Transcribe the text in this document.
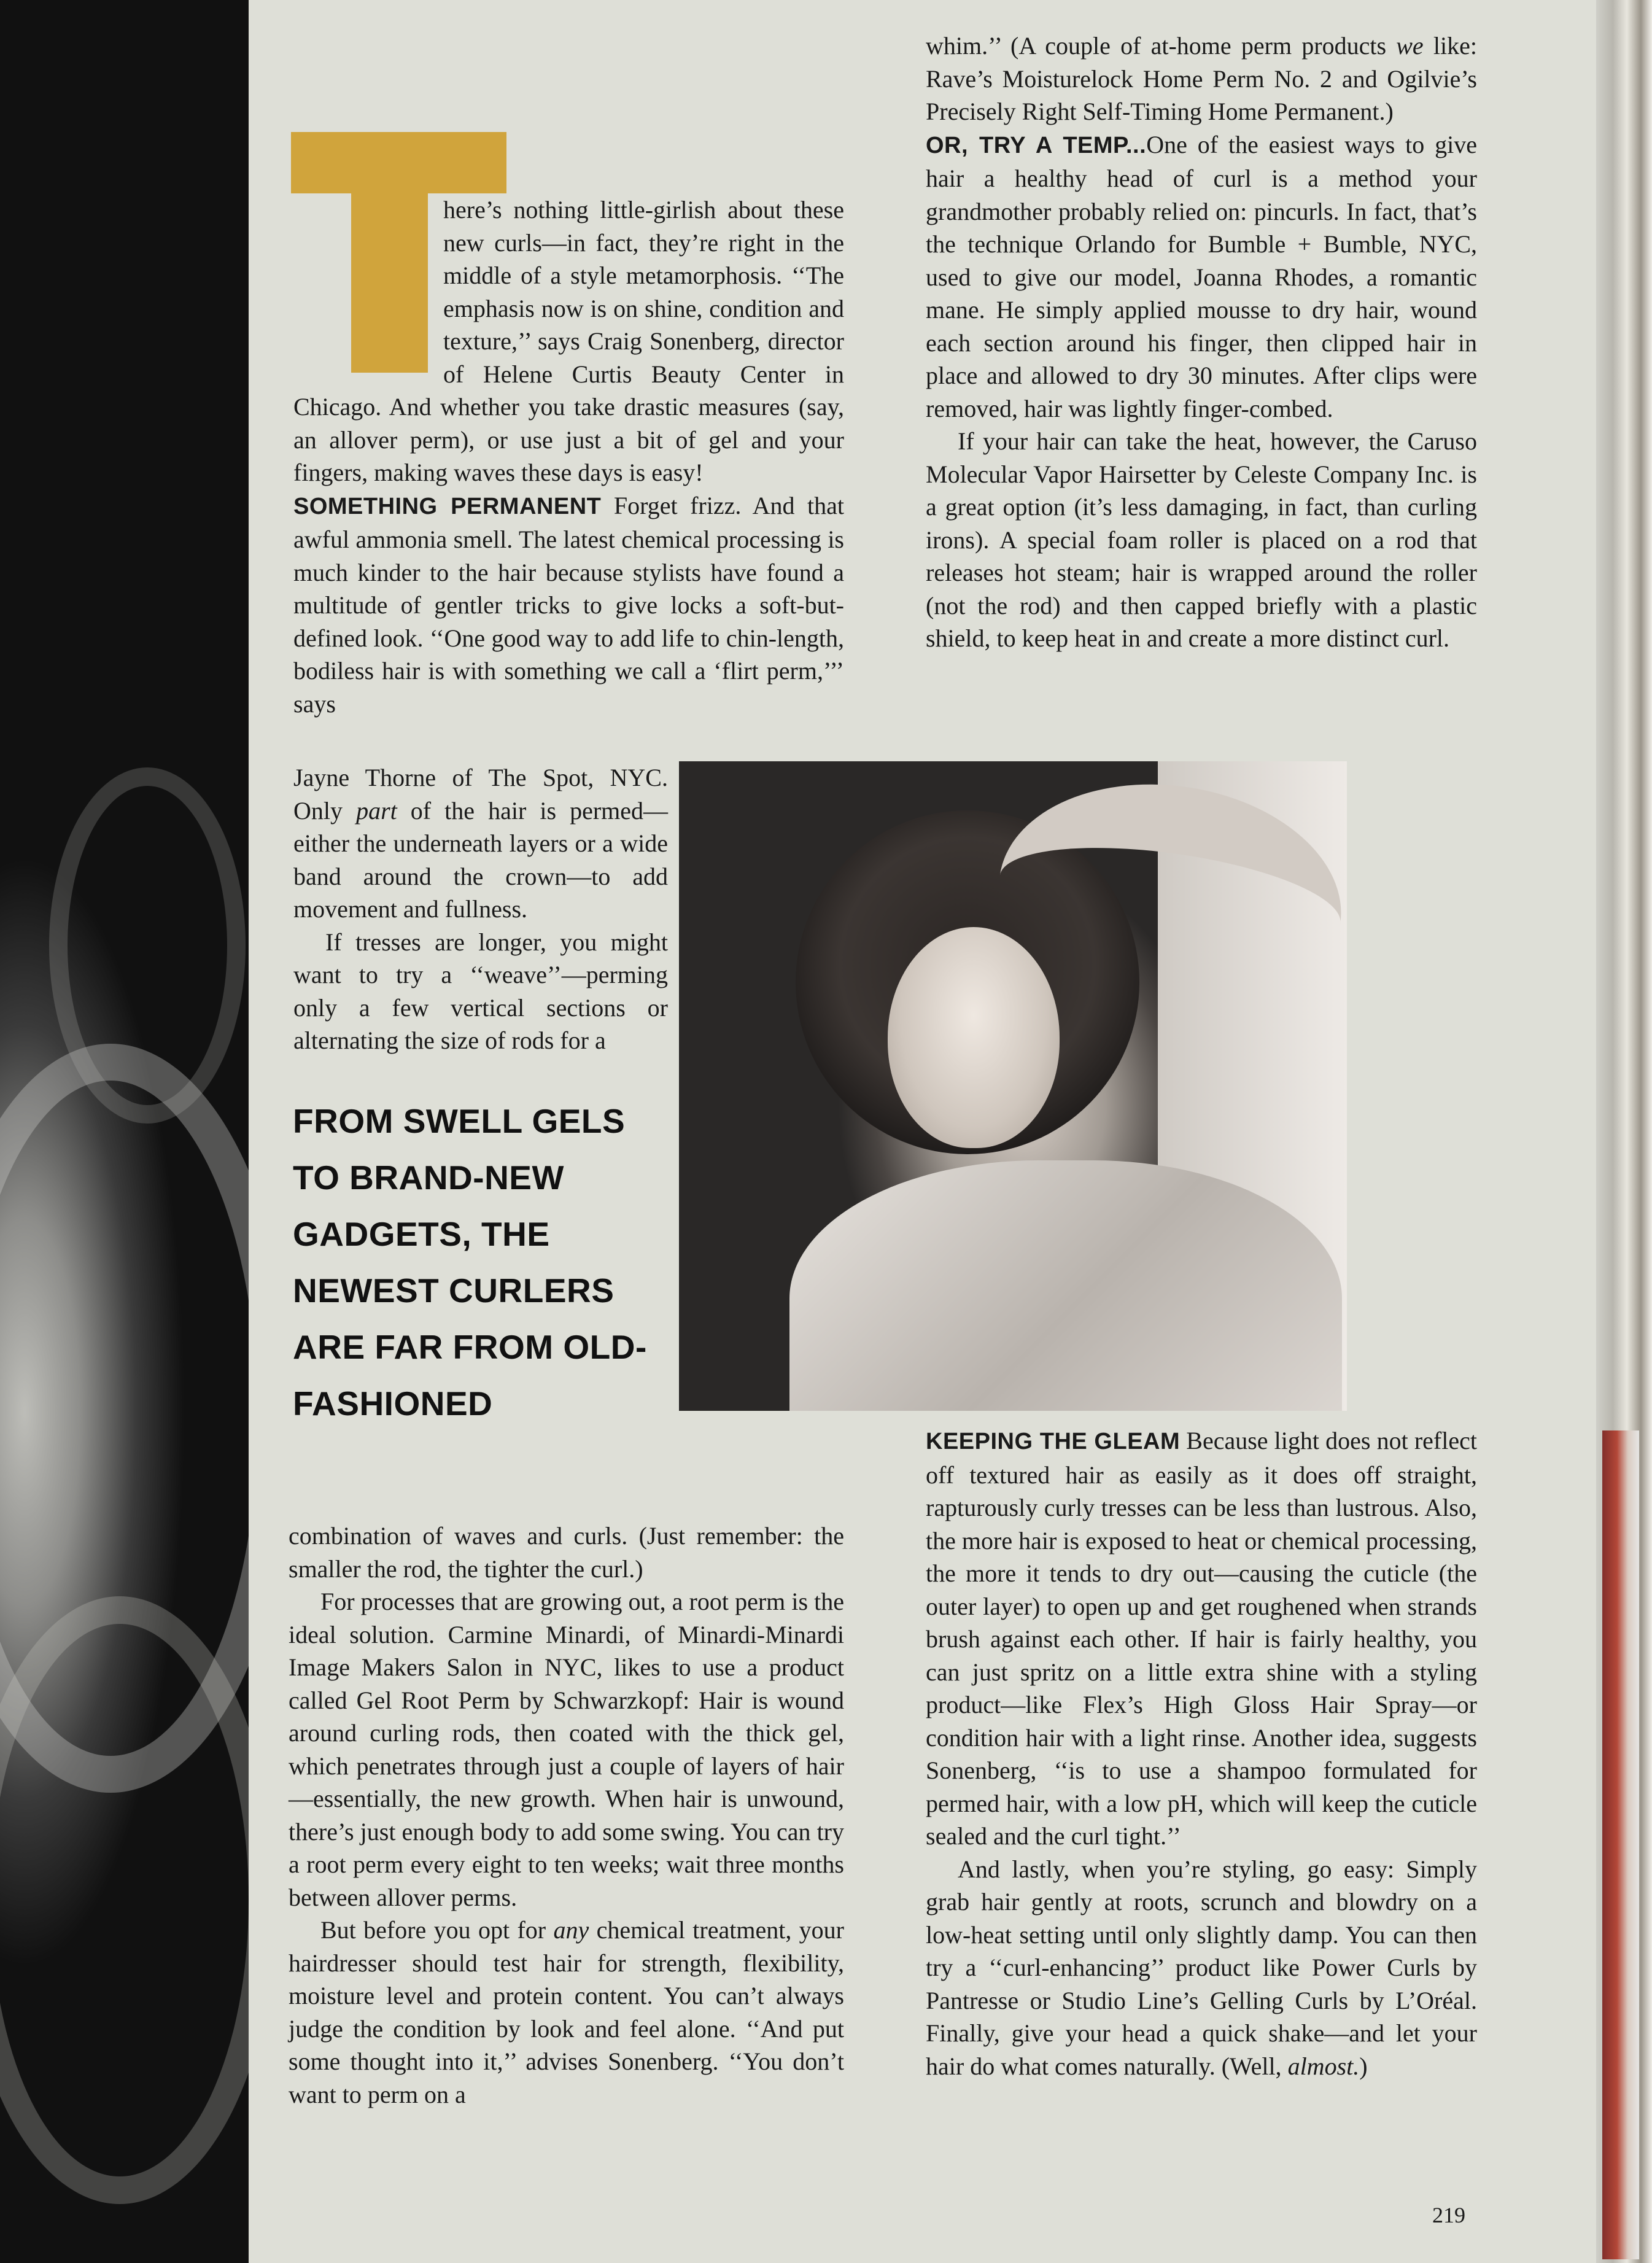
here’s nothing little-girlish about these new curls—in fact, they’re right in the middle of a style metamorphosis. ‘‘The emphasis now is on shine, condition and texture,’’ says Craig Sonenberg, director of Helene Curtis Beauty Center in Chicago. And whether you take drastic measures (say, an allover perm), or use just a bit of gel and your fingers, making waves these days is easy!

SOMETHING PERMANENT Forget frizz. And that awful ammonia smell. The latest chemical processing is much kinder to the hair because stylists have found a multitude of gentler tricks to give locks a soft-but-defined look. ‘‘One good way to add life to chin-length, bodiless hair is with something we call a ‘flirt perm,’’’ says

Jayne Thorne of The Spot, NYC. Only part of the hair is permed—either the underneath layers or a wide band around the crown—to add movement and fullness.

If tresses are longer, you might want to try a ‘‘weave’’—perming only a few vertical sections or alternating the size of rods for a

FROM SWELL GELS TO BRAND-NEW GADGETS, THE NEWEST CURLERS ARE FAR FROM OLD-FASHIONED

combination of waves and curls. (Just remember: the smaller the rod, the tighter the curl.)

For processes that are growing out, a root perm is the ideal solution. Carmine Minardi, of Minardi-Minardi Image Makers Salon in NYC, likes to use a product called Gel Root Perm by Schwarzkopf: Hair is wound around curling rods, then coated with the thick gel, which penetrates through just a couple of layers of hair—essentially, the new growth. When hair is unwound, there’s just enough body to add some swing. You can try a root perm every eight to ten weeks; wait three months between allover perms.

But before you opt for any chemical treatment, your hairdresser should test hair for strength, flexibility, moisture level and protein content. You can’t always judge the condition by look and feel alone. ‘‘And put some thought into it,’’ advises Sonenberg. ‘‘You don’t want to perm on a

whim.’’ (A couple of at-home perm products we like: Rave’s Moisturelock Home Perm No. 2 and Ogilvie’s Precisely Right Self-Timing Home Permanent.)

OR, TRY A TEMP...One of the easiest ways to give hair a healthy head of curl is a method your grandmother probably relied on: pincurls. In fact, that’s the technique Orlando for Bumble + Bumble, NYC, used to give our model, Joanna Rhodes, a romantic mane. He simply applied mousse to dry hair, wound each section around his finger, then clipped hair in place and allowed to dry 30 minutes. After clips were removed, hair was lightly finger-combed.

If your hair can take the heat, however, the Caruso Molecular Vapor Hairsetter by Celeste Company Inc. is a great option (it’s less damaging, in fact, than curling irons). A special foam roller is placed on a rod that releases hot steam; hair is wrapped around the roller (not the rod) and then capped briefly with a plastic shield, to keep heat in and create a more distinct curl.

KEEPING THE GLEAM Because light does not reflect off textured hair as easily as it does off straight, rapturously curly tresses can be less than lustrous. Also, the more hair is exposed to heat or chemical processing, the more it tends to dry out—causing the cuticle (the outer layer) to open up and get roughened when strands brush against each other. If hair is fairly healthy, you can just spritz on a little extra shine with a styling product—like Flex’s High Gloss Hair Spray—or condition hair with a light rinse. Another idea, suggests Sonenberg, ‘‘is to use a shampoo formulated for permed hair, with a low pH, which will keep the cuticle sealed and the curl tight.’’

And lastly, when you’re styling, go easy: Simply grab hair gently at roots, scrunch and blowdry on a low-heat setting until only slightly damp. You can then try a ‘‘curl-enhancing’’ product like Power Curls by Pantresse or Studio Line’s Gelling Curls by L’Oréal. Finally, give your head a quick shake—and let your hair do what comes naturally. (Well, almost.)

219
